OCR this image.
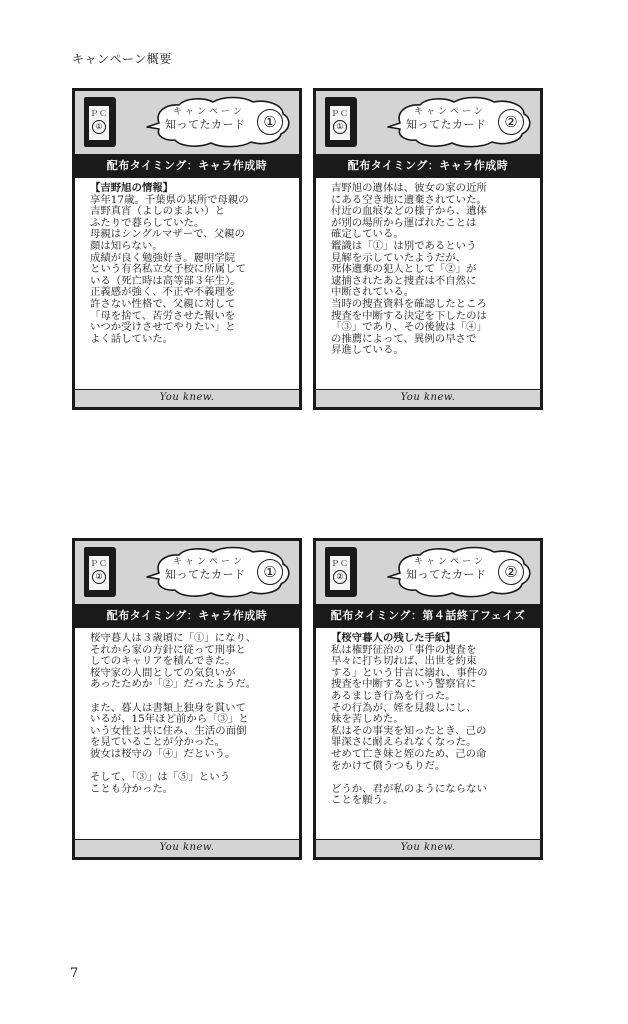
キャンペーン概要
ＰＣ
①
キャンペーン
知ってたカード	①
配布タイミング：キャラ作成時

【吉野旭の情報】

享年17歳。千葉県の某所で母親の

吉野真宵（よしのまよい）と

ふたりで暮らしていた。

母親はシングルマザーで、父親の

顔は知らない。

成績が良く勉強好き。麗明学院

という有名私立女子校に所属して

いる（死亡時は高等部３年生）。

正義感が強く、不正や不義理を

許さない性格で、父親に対して

「母を捨て、苦労させた報いを

いつか受けさせてやりたい」と

よく話していた。

You knew.
ＰＣ
①
キャンペーン
知ってたカード	②
配布タイミング：キャラ作成時

吉野旭の遺体は、彼女の家の近所

にある空き地に遺棄されていた。

付近の血痕などの様子から、遺体

が別の場所から運ばれたことは

確定している。

鑑識は「①」は別であるという

見解を示していたようだが、

死体遺棄の犯人として「②」が

逮捕されたあと捜査は不自然に

中断されている。

当時の捜査資料を確認したところ

捜査を中断する決定を下したのは

「③」であり、その後彼は「④」

の推薦によって、異例の早さで

昇進している。

You knew.
ＰＣ
②
キャンペーン
知ってたカード	①
配布タイミング：キャラ作成時

桜守暮人は３歳頃に「①」になり、

それから家の方針に従って刑事と

してのキャリアを積んできた。

桜守家の人間としての気負いが

あったためか「②」だったようだ。

また、暮人は書類上独身を貫いて

いるが、15年ほど前から「③」と

いう女性と共に住み、生活の面倒

を見ていることが分かった。

彼女は桜守の「④」だという。

そして、「③」は「⑤」という

ことも分かった。

You knew.
ＰＣ
②
キャンペーン
知ってたカード	②
配布タイミング：第４話終了フェイズ

【桜守暮人の残した手紙】

私は権野征治の「事件の捜査を

早々に打ち切れば、出世を約束

する」という甘言に溺れ、事件の

捜査を中断するという警察官に

あるまじき行為を行った。

その行為が、姪を見殺しにし、

妹を苦しめた。

私はその事実を知ったとき、己の

罪深さに耐えられなくなった。

せめて亡き妹と姪のため、己の命

をかけて償うつもりだ。

どうか、君が私のようにならない

ことを願う。

You knew.
7
